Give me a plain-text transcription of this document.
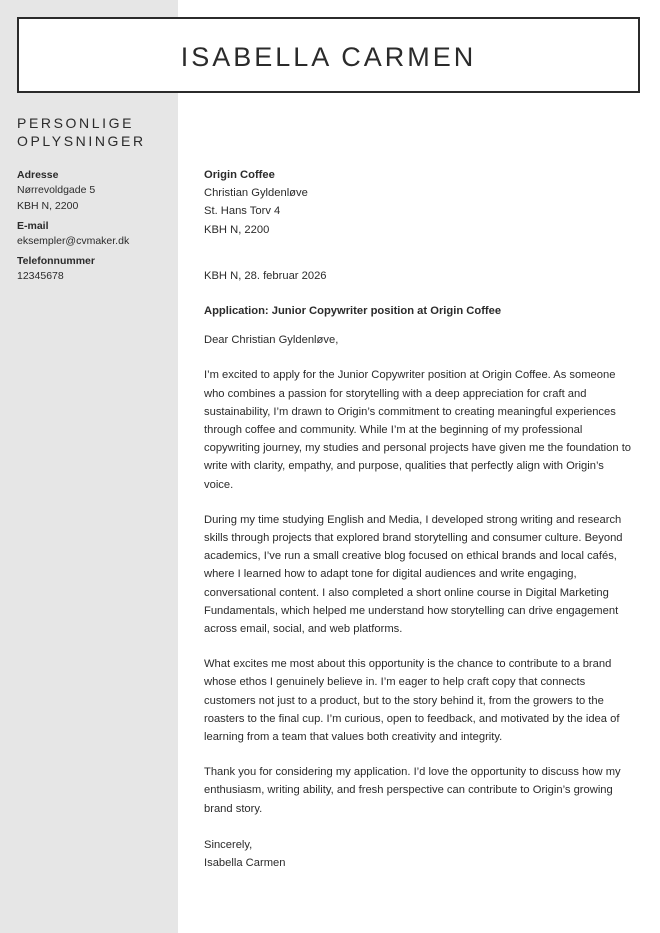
ISABELLA CARMEN
PERSONLIGE
OPLYSNINGER
Adresse
Nørrevoldgade 5
KBH N, 2200
E-mail
eksempler@cvmaker.dk
Telefonnummer
12345678

Origin Coffee

Christian Gyldenløve

St. Hans Torv 4

KBH N, 2200

KBH N, 28. februar 2026

Application: Junior Copywriter position at Origin Coffee

Dear Christian Gyldenløve,

I’m excited to apply for the Junior Copywriter position at Origin Coffee. As someone who combines a passion for storytelling with a deep appreciation for craft and sustainability, I’m drawn to Origin’s commitment to creating meaningful experiences through coffee and community. While I’m at the beginning of my professional copywriting journey, my studies and personal projects have given me the foundation to write with clarity, empathy, and purpose, qualities that perfectly align with Origin’s voice.

During my time studying English and Media, I developed strong writing and research skills through projects that explored brand storytelling and consumer culture. Beyond academics, I’ve run a small creative blog focused on ethical brands and local cafés, where I learned how to adapt tone for digital audiences and write engaging, conversational content. I also completed a short online course in Digital Marketing Fundamentals, which helped me understand how storytelling can drive engagement across email, social, and web platforms.

What excites me most about this opportunity is the chance to contribute to a brand whose ethos I genuinely believe in. I’m eager to help craft copy that connects customers not just to a product, but to the story behind it, from the growers to the roasters to the final cup. I’m curious, open to feedback, and motivated by the idea of learning from a team that values both creativity and integrity.

Thank you for considering my application. I’d love the opportunity to discuss how my enthusiasm, writing ability, and fresh perspective can contribute to Origin’s growing brand story.

Sincerely,

Isabella Carmen
